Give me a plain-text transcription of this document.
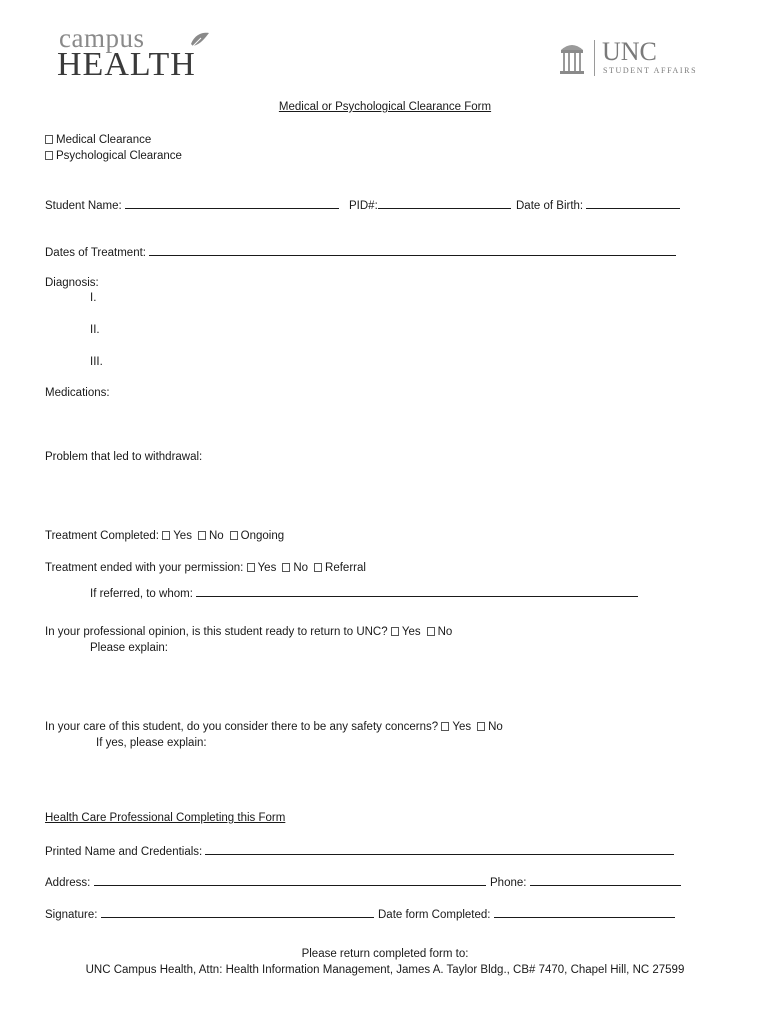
campus
HEALTH	UNC
STUDENT AFFAIRS
Medical or Psychological Clearance Form
Medical Clearance
Psychological Clearance
Student Name:	PID#:	Date of Birth:
Dates of Treatment:
Diagnosis:
I.
II.
III.
Medications:
Problem that led to withdrawal:
Treatment Completed: Yes No Ongoing
Treatment ended with your permission: Yes No Referral
If referred, to whom:
In your professional opinion, is this student ready to return to UNC? Yes No
Please explain:
In your care of this student, do you consider there to be any safety concerns? Yes No
If yes, please explain:
Health Care Professional Completing this Form
Printed Name and Credentials:
Address:	Phone:
Signature:	Date form Completed:
Please return completed form to:
UNC Campus Health, Attn: Health Information Management, James A. Taylor Bldg., CB# 7470, Chapel Hill, NC 27599
